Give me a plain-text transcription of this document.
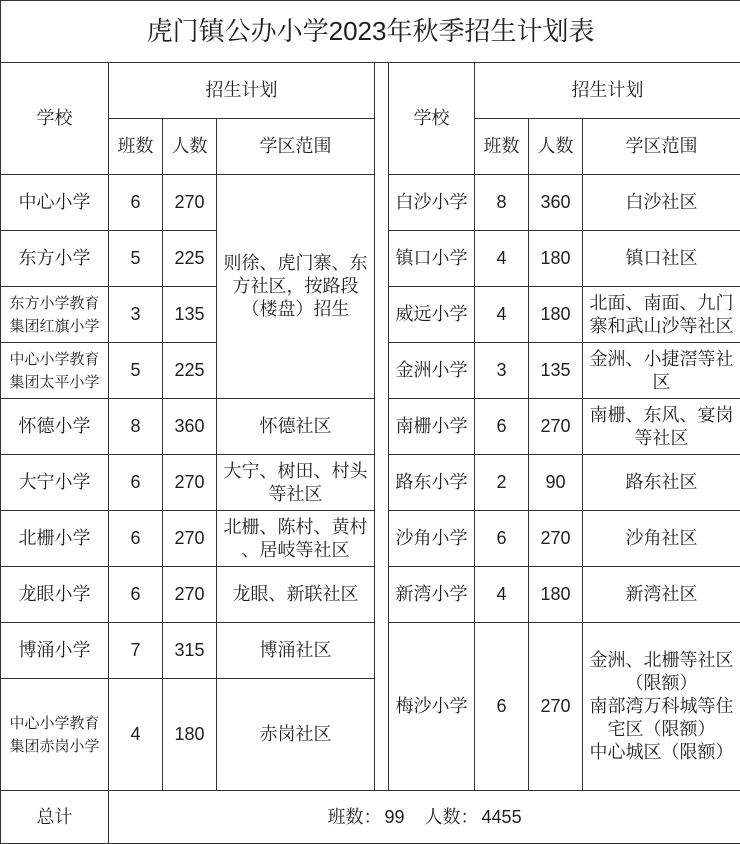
虎门镇公办小学2023年秋季招生计划表								
学校	招生计划				学校	招生计划		
	班数	人数	学区范围			班数	人数	学区范围
中心小学	6	270	则徐、虎门寨、东方社区，按路段（楼盘）招生		白沙小学	8	360	白沙社区
东方小学	5	225			镇口小学	4	180	镇口社区
东方小学教育集团红旗小学	3	135			威远小学	4	180	北面、南面、九门寨和武山沙等社区
中心小学教育集团太平小学	5	225			金洲小学	3	135	金洲、小捷滘等社区
怀德小学	8	360	怀德社区		南栅小学	6	270	南栅、东风、宴岗等社区
大宁小学	6	270	大宁、树田、村头等社区		路东小学	2	90	路东社区
北栅小学	6	270	北栅、陈村、黄村、居岐等社区		沙角小学	6	270	沙角社区
龙眼小学	6	270	龙眼、新联社区		新湾小学	4	180	新湾社区
博涌小学	7	315	博涌社区		梅沙小学	6	270	金洲、北栅等社区（限额）
南部湾万科城等住宅区（限额）
中心城区（限额）

中心小学教育集团赤岗小学	4	180	赤岗社区					
总计	班数： 99 人数： 4455							
